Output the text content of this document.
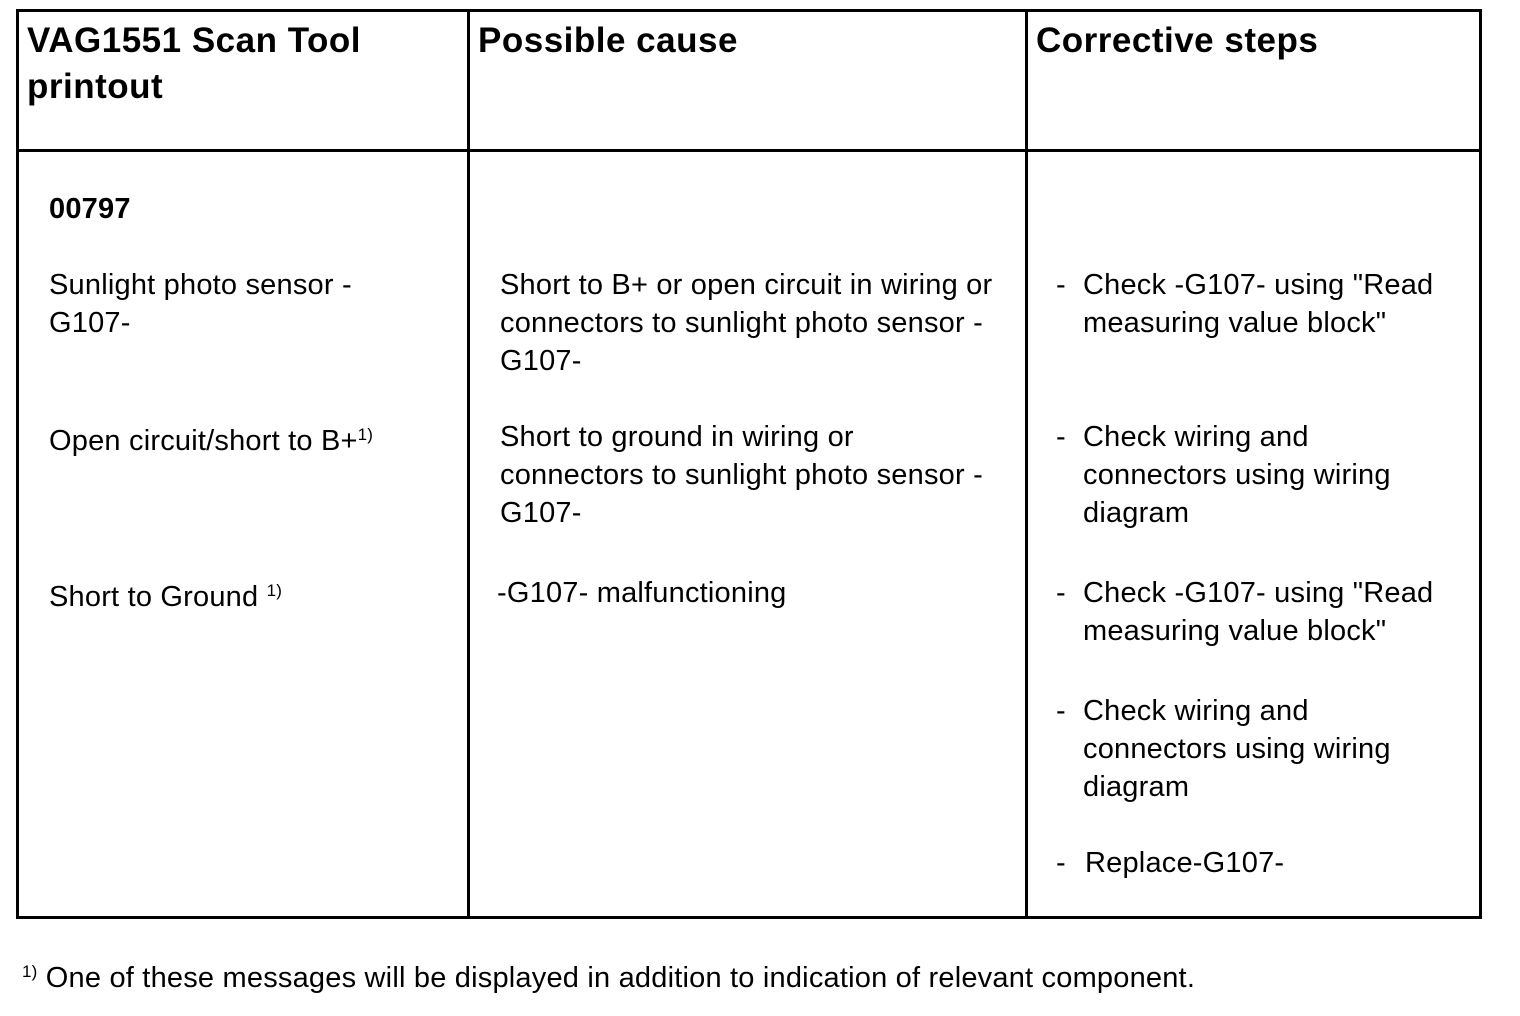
VAG1551 Scan Tool printout
Possible cause	Corrective steps
00797
Sunlight photo sensor -G107-
Open circuit/short to B+$^{1)}$
Short to Ground $^{1)}$
Short to B+ or open circuit in wiring or connectors to sunlight photo sensor -G107-
Short to ground in wiring or connectors to sunlight photo sensor -G107-
-G107- malfunctioning
- Check -G107- using "Read measuring value block"
- Check wiring and connectors using wiring diagram
- Check -G107- using "Read measuring value block"
- Check wiring and connectors using wiring diagram
- Replace-G107-
$^{1)}$ One of these messages will be displayed in addition to indication of relevant component.
